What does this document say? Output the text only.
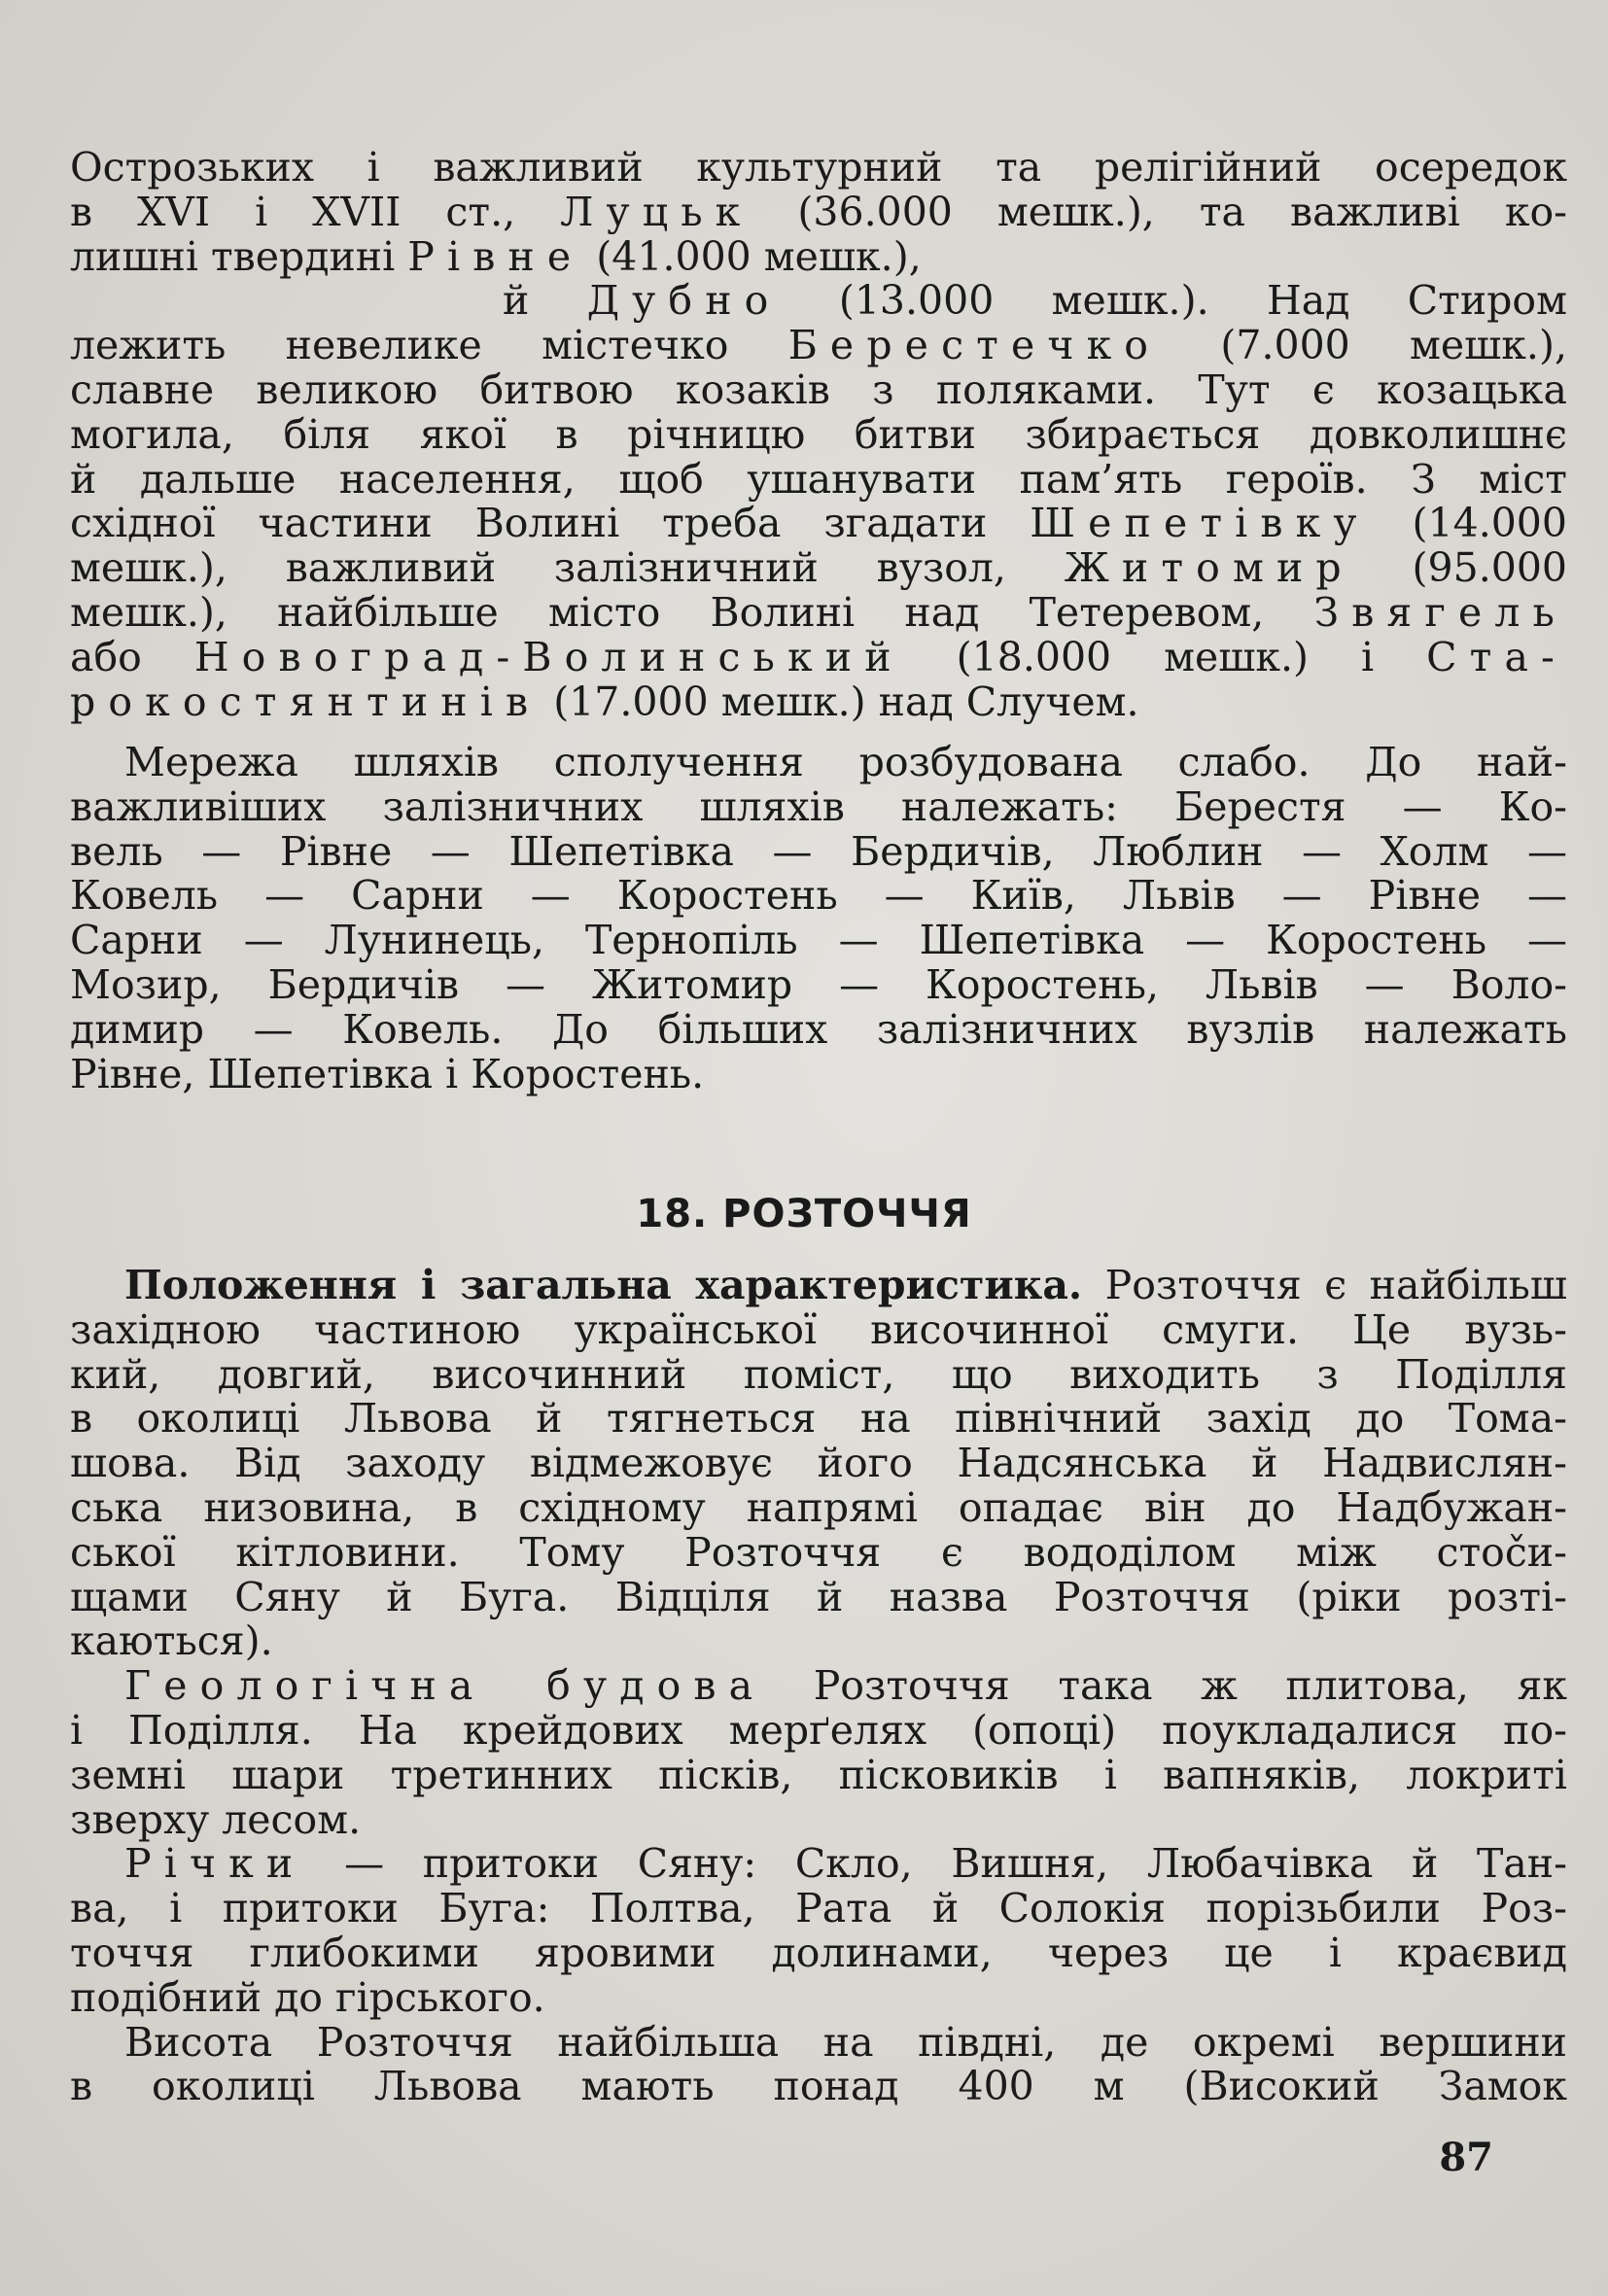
Острозьких і важливий культурний та релігійний осередок
в XVI і XVII ст., Луцьк (36.000 мешк.), та важливі ко-
лишні твердині Рівне (41.000 мешк.),
й Дубно (13.000 мешк.). Над Стиром
лежить невелике містечко Берестечко (7.000 мешк.),
славне великою битвою козаків з поляками. Тут є козацька
могила, біля якої в річницю битви збирається довколишнє
й дальше населення, щоб ушанувати пам’ять героїв. З міст
східної частини Волині треба згадати Шепетівку (14.000
мешк.), важливий залізничний вузол, Житомир (95.000
мешк.), найбільше місто Волині над Тетеревом, Звягель
або Новоград-Волинський (18.000 мешк.) і Ста-
рокостянтинів (17.000 мешк.) над Случем.
Мережа шляхів сполучення розбудована слабо. До най-
важливіших залізничних шляхів належать: Берестя — Ко-
вель — Рівне — Шепетівка — Бердичів, Люблин — Холм —
Ковель — Сарни — Коростень — Київ, Львів — Рівне —
Сарни — Лунинець, Тернопіль — Шепетівка — Коростень —
Мозир, Бердичів — Житомир — Коростень, Львів — Воло-
димир — Ковель. До більших залізничних вузлів належать
Рівне, Шепетівка і Коростень.
18. РОЗТОЧЧЯ
Положення і загальна характеристика. Розточчя є найбільш
західною частиною української височинної смуги. Це вузь-
кий, довгий, височинний поміст, що виходить з Поділля
в околиці Львова й тягнеться на північний захід до Тома-
шова. Від заходу відмежовує його Надсянська й Надвислян-
ська низовина, в східному напрямі опадає він до Надбужан-
ської кітловини. Тому Розточчя є вододілом між стočи-
щами Сяну й Буга. Відціля й назва Розточчя (ріки розті-
каються).
Геологічна будова Розточчя така ж плитова, як
і Поділля. На крейдових мерґелях (опоці) поукладалися по-
земні шари третинних пісків, пісковиків і вапняків, локриті
зверху лесом.
Річки — притоки Сяну: Скло, Вишня, Любачівка й Тан-
ва, і притоки Буга: Полтва, Рата й Солокія порізьбили Роз-
точчя глибокими яровими долинами, через це і краєвид
подібний до гірського.
Висота Розточчя найбільша на півдні, де окремі вершини
в околиці Львова мають понад 400 м (Високий Замок
87
